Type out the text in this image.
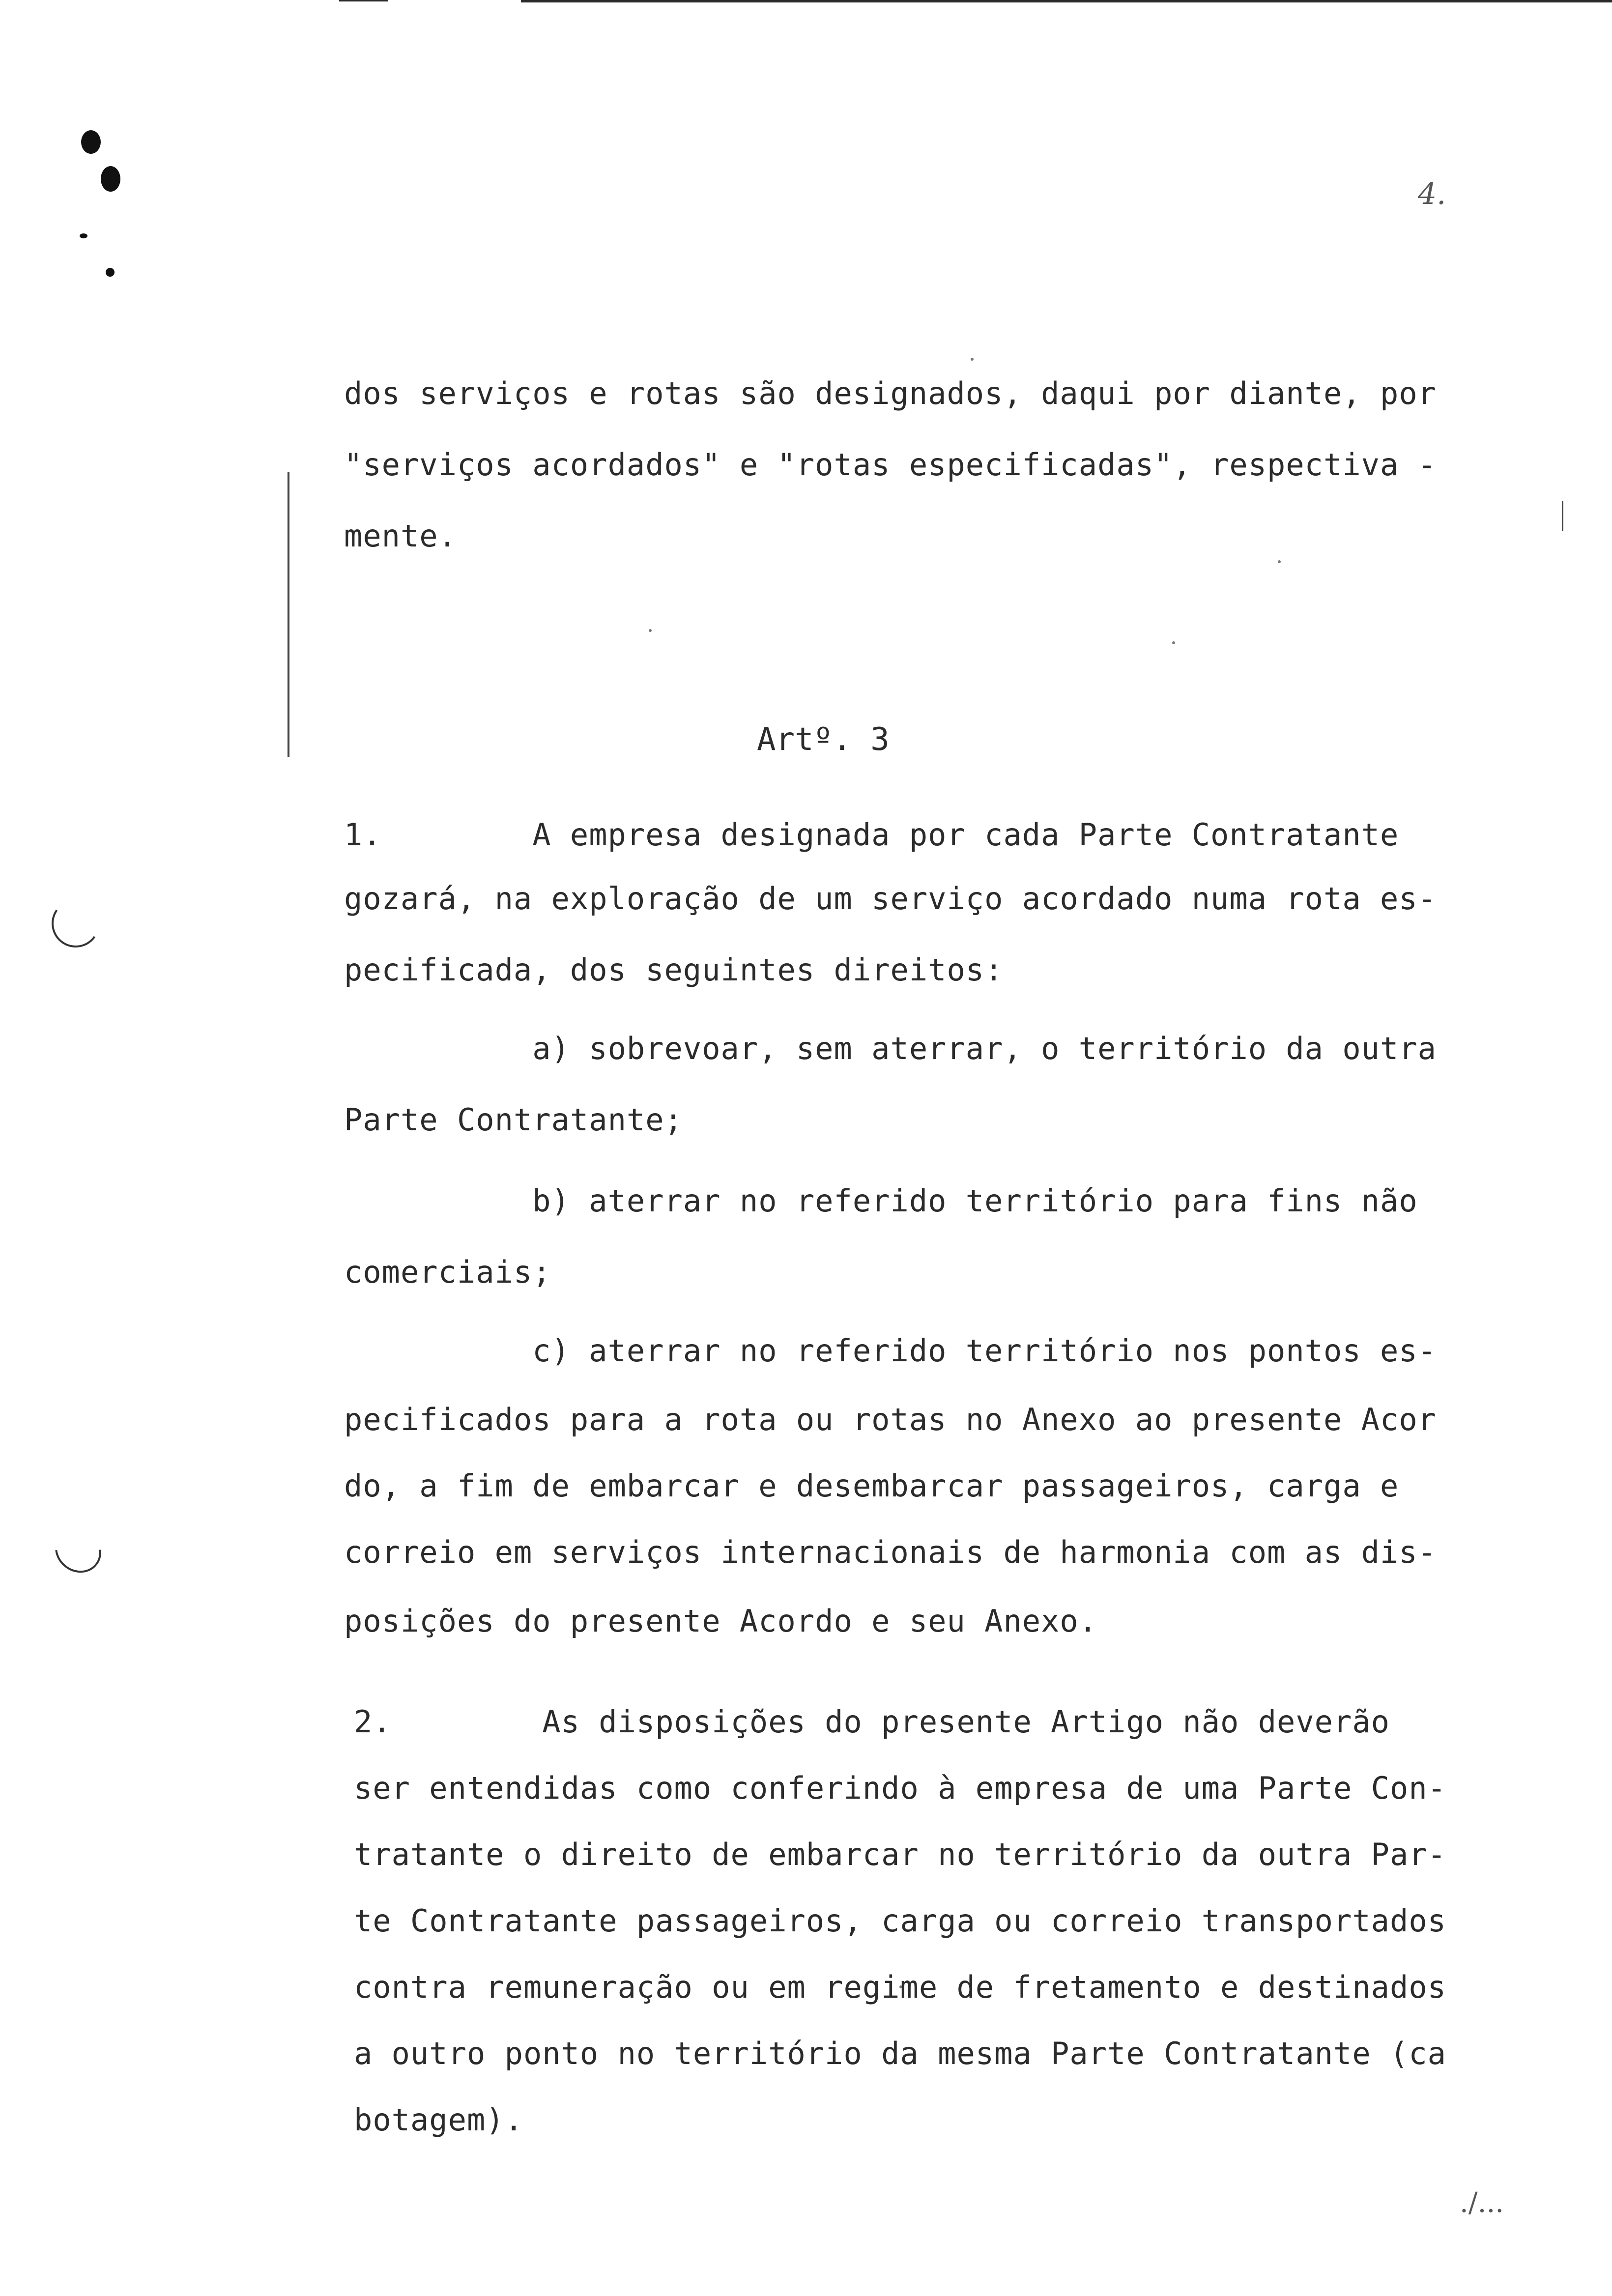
4.
dos serviços e rotas são designados, daqui por diante, por
"serviços acordados" e "rotas especificadas", respectiva -
mente.
Artº. 3
1.        A empresa designada por cada Parte Contratante
gozará, na exploração de um serviço acordado numa rota es-
pecificada, dos seguintes direitos:
a) sobrevoar, sem aterrar, o território da outra
Parte Contratante;
b) aterrar no referido território para fins não
comerciais;
c) aterrar no referido território nos pontos es-
pecificados para a rota ou rotas no Anexo ao presente Acor
do, a fim de embarcar e desembarcar passageiros, carga e
correio em serviços internacionais de harmonia com as dis-
posições do presente Acordo e seu Anexo.
2.        As disposições do presente Artigo não deverão
ser entendidas como conferindo à empresa de uma Parte Con-
tratante o direito de embarcar no território da outra Par-
te Contratante passageiros, carga ou correio transportados
contra remuneração ou em regime de fretamento e destinados
a outro ponto no território da mesma Parte Contratante (ca
botagem).
./...
